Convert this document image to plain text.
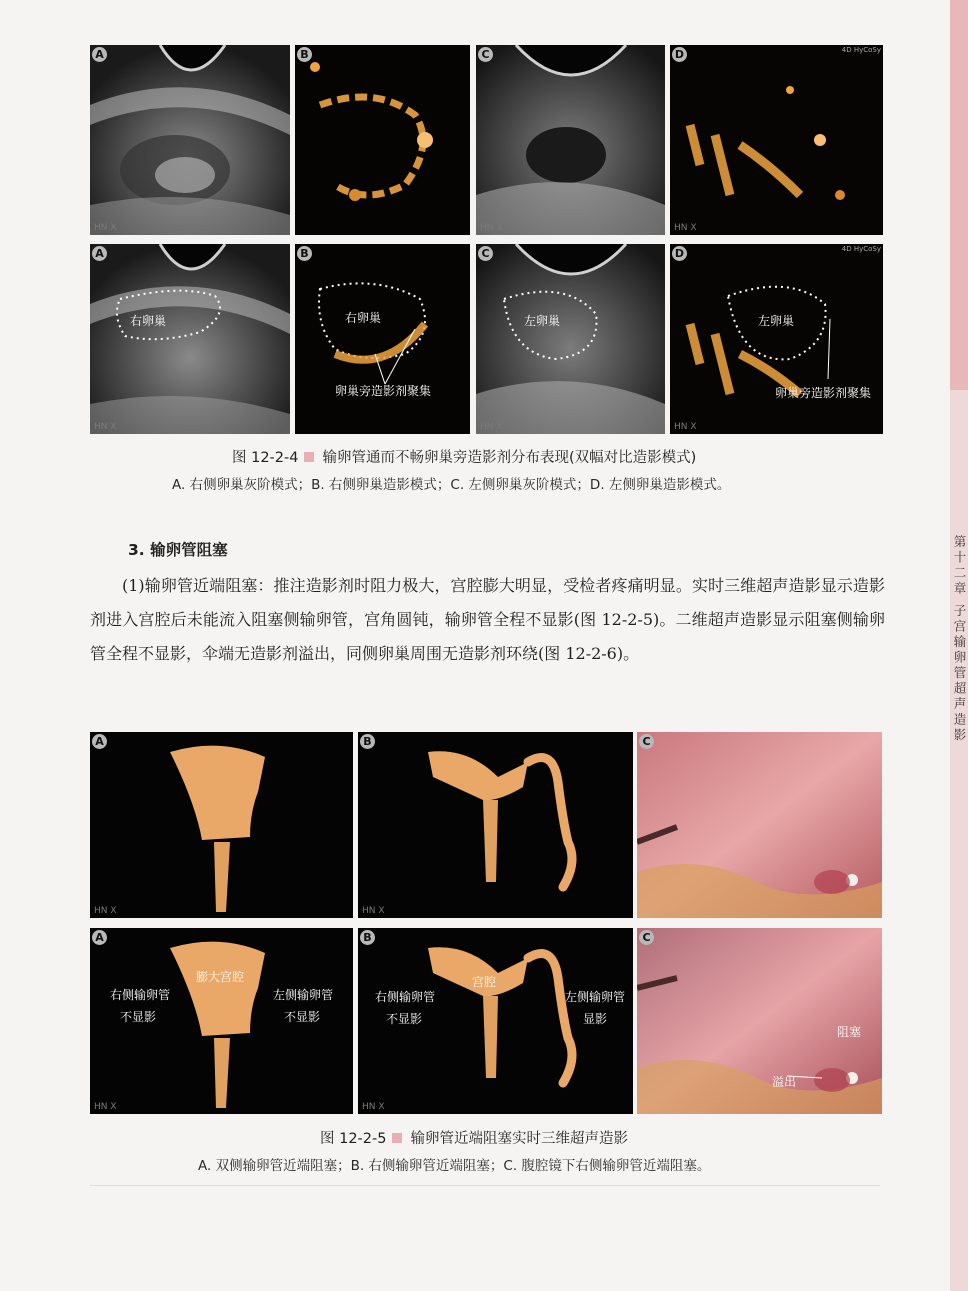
第十二章 子宫输卵管超声造影
A
HN X
B	C
HN X
D
HN X
4D HyCoSy
A
HN X
右卵巢
B
右卵巢
卵巢旁造影剂聚集
C
HN X
左卵巢
D
HN X
4D HyCoSy
左卵巢
卵巢旁造影剂聚集
图 12-2-4 输卵管通而不畅卵巢旁造影剂分布表现(双幅对比造影模式)
A. 右侧卵巢灰阶模式；B. 右侧卵巢造影模式；C. 左侧卵巢灰阶模式；D. 左侧卵巢造影模式。
3. 输卵管阻塞

(1)输卵管近端阻塞：推注造影剂时阻力极大，宫腔膨大明显，受检者疼痛明显。实时三维超声造影显示造影剂进入宫腔后未能流入阻塞侧输卵管，宫角圆钝，输卵管全程不显影(图 12-2-5)。二维超声造影显示阻塞侧输卵管全程不显影，伞端无造影剂溢出，同侧卵巢周围无造影剂环绕(图 12-2-6)。

A
HN X
B
HN X
C
A
HN X
膨大宫腔
右侧输卵管
不显影
左侧输卵管
不显影
B
HN X
宫腔
右侧输卵管
不显影
左侧输卵管
显影
C
阻塞
溢出
图 12-2-5 输卵管近端阻塞实时三维超声造影
A. 双侧输卵管近端阻塞；B. 右侧输卵管近端阻塞；C. 腹腔镜下右侧输卵管近端阻塞。
